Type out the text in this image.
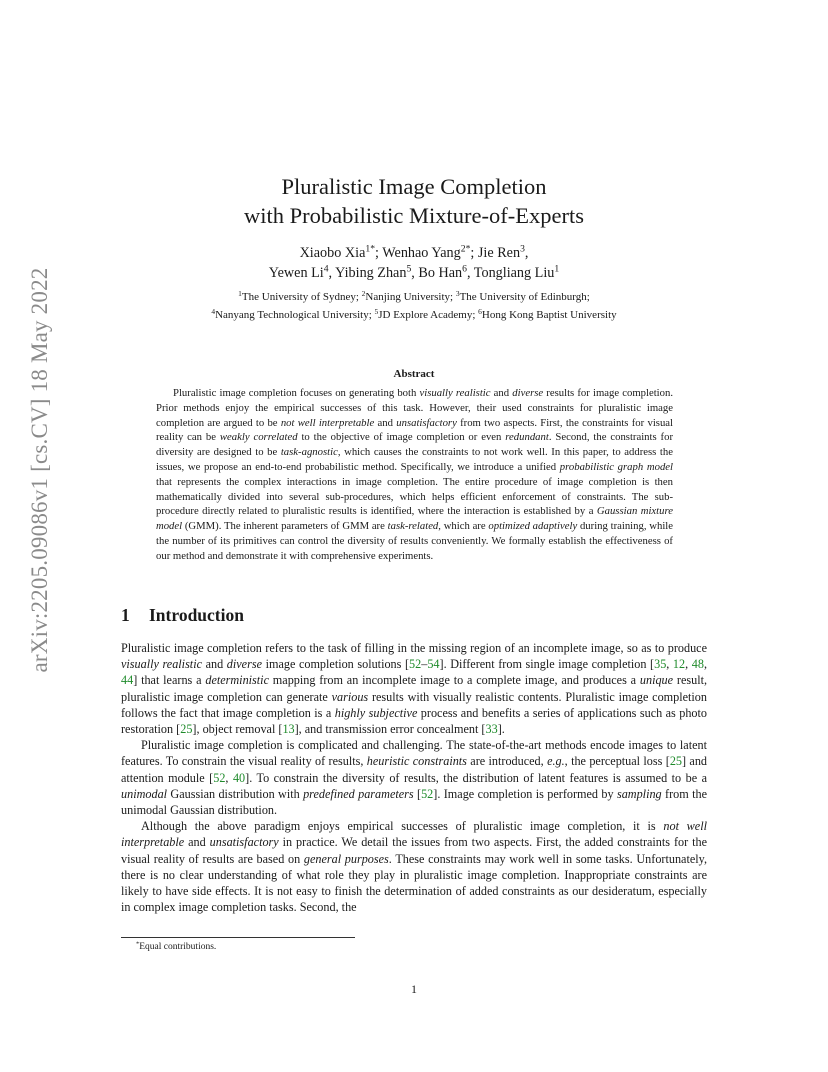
arXiv:2205.09086v1 [cs.CV] 18 May 2022
Pluralistic Image Completion
with Probabilistic Mixture-of-Experts
Xiaobo Xia$^{1*}$; Wenhao Yang$^{2*}$; Jie Ren$^3$,
Yewen Li$^4$, Yibing Zhan$^5$, Bo Han$^6$, Tongliang Liu$^1$
$^1$The University of Sydney; $^2$Nanjing University; $^3$The University of Edinburgh;
$^4$Nanyang Technological University; $^5$JD Explore Academy; $^6$Hong Kong Baptist University
Abstract

Pluralistic image completion focuses on generating both visually realistic and diverse results for image completion. Prior methods enjoy the empirical successes of this task. However, their used constraints for pluralistic image completion are argued to be not well interpretable and unsatisfactory from two aspects. First, the constraints for visual reality can be weakly correlated to the objective of image completion or even redundant. Second, the constraints for diversity are designed to be task-agnostic, which causes the constraints to not work well. In this paper, to address the issues, we propose an end-to-end probabilistic method. Specifically, we introduce a unified probabilistic graph model that represents the complex interactions in image completion. The entire procedure of image completion is then mathematically divided into several sub-procedures, which helps efficient enforcement of constraints. The sub-procedure directly related to pluralistic results is identified, where the interaction is established by a Gaussian mixture model (GMM). The inherent parameters of GMM are task-related, which are optimized adaptively during training, while the number of its primitives can control the diversity of results conveniently. We formally establish the effectiveness of our method and demonstrate it with comprehensive experiments.

1 Introduction

Pluralistic image completion refers to the task of filling in the missing region of an incomplete image, so as to produce visually realistic and diverse image completion solutions [52–54]. Different from single image completion [35, 12, 48, 44] that learns a deterministic mapping from an incomplete image to a complete image, and produces a unique result, pluralistic image completion can generate various results with visually realistic contents. Pluralistic image completion follows the fact that image completion is a highly subjective process and benefits a series of applications such as photo restoration [25], object removal [13], and transmission error concealment [33].

Pluralistic image completion is complicated and challenging. The state-of-the-art methods encode images to latent features. To constrain the visual reality of results, heuristic constraints are introduced, e.g., the perceptual loss [25] and attention module [52, 40]. To constrain the diversity of results, the distribution of latent features is assumed to be a unimodal Gaussian distribution with predefined parameters [52]. Image completion is performed by sampling from the unimodal Gaussian distribution.

Although the above paradigm enjoys empirical successes of pluralistic image completion, it is not well interpretable and unsatisfactory in practice. We detail the issues from two aspects. First, the added constraints for the visual reality of results are based on general purposes. These constraints may work well in some tasks. Unfortunately, there is no clear understanding of what role they play in pluralistic image completion. Inappropriate constraints are likely to have side effects. It is not easy to finish the determination of added constraints as our desideratum, especially in complex image completion tasks. Second, the

*Equal contributions.
1
